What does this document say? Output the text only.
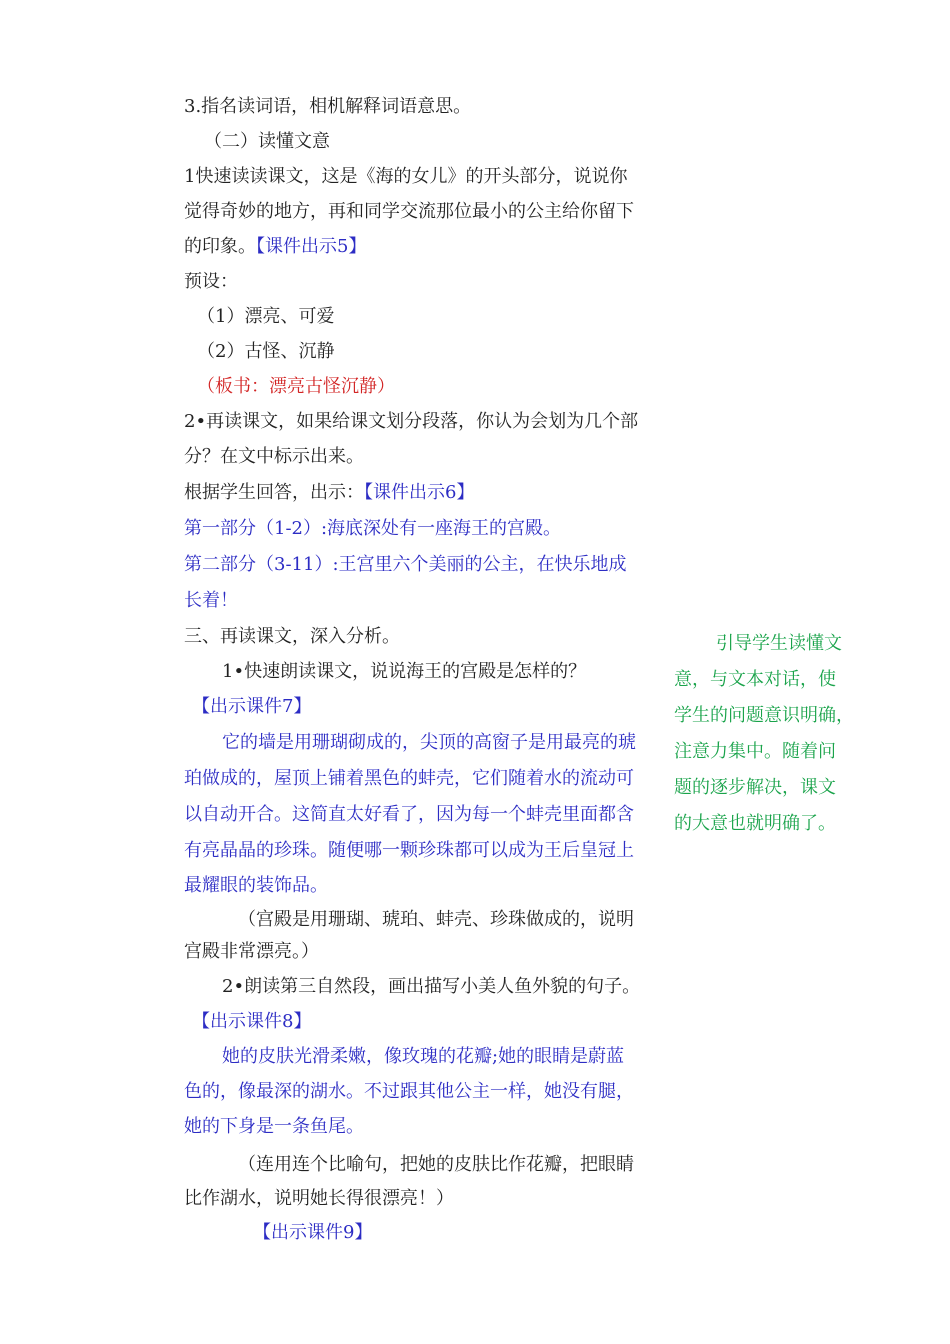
3.指名读词语，相机解释词语意思。
（二）读懂文意
1快速读读课文，这是《海的女儿》的开头部分，说说你
觉得奇妙的地方，再和同学交流那位最小的公主给你留下
的印象。【课件出示5】
预设：
（1）漂亮、可爱
（2）古怪、沉静
（板书：漂亮古怪沉静）
2•再读课文，如果给课文划分段落，你认为会划为几个部
分？在文中标示出来。
根据学生回答，出示：【课件出示6】
第一部分（1-2）:海底深处有一座海王的宫殿。
第二部分（3-11）:王宫里六个美丽的公主，在快乐地成
长着！
三、再读课文，深入分析。
1•快速朗读课文，说说海王的宫殿是怎样的？
【出示课件7】
它的墙是用珊瑚砌成的，尖顶的高窗子是用最亮的琥
珀做成的，屋顶上铺着黑色的蚌壳，它们随着水的流动可
以自动开合。这简直太好看了，因为每一个蚌壳里面都含
有亮晶晶的珍珠。随便哪一颗珍珠都可以成为王后皇冠上
最耀眼的装饰品。
（宫殿是用珊瑚、琥珀、蚌壳、珍珠做成的，说明
宫殿非常漂亮。）
2•朗读第三自然段，画出描写小美人鱼外貌的句子。
【出示课件8】
她的皮肤光滑柔嫩，像玫瑰的花瓣;她的眼睛是蔚蓝
色的，像最深的湖水。不过跟其他公主一样，她没有腿，
她的下身是一条鱼尾。
（连用连个比喻句，把她的皮肤比作花瓣，把眼睛
比作湖水，说明她长得很漂亮！）
【出示课件9】
引导学生读懂文
意，与文本对话，使
学生的问题意识明确，
注意力集中。随着问
题的逐步解决，课文
的大意也就明确了。
